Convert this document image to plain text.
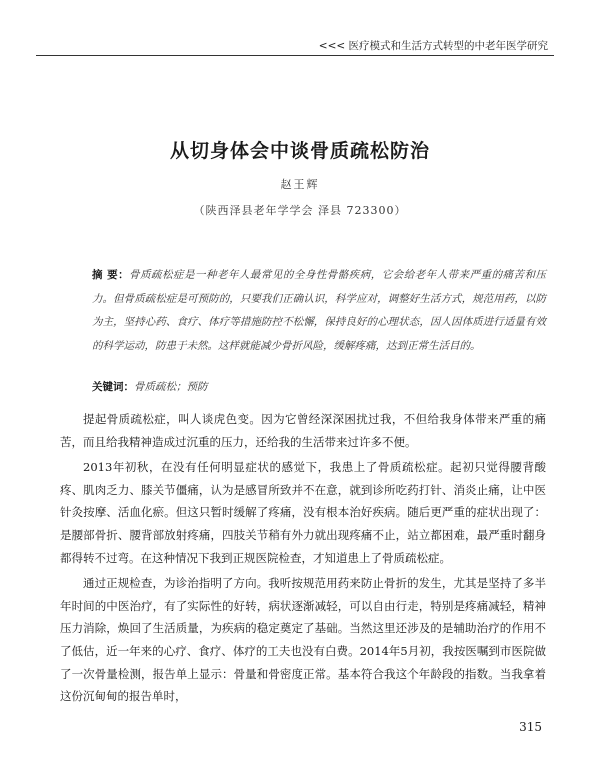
<<< 医疗模式和生活方式转型的中老年医学研究
从切身体会中谈骨质疏松防治
赵王辉
（陕西泽县老年学学会 泽县 723300）
摘 要：骨质疏松症是一种老年人最常见的全身性骨骼疾病，它会给老年人带来严重的痛苦和压力。但骨质疏松症是可预防的，只要我们正确认识，科学应对，调整好生活方式，规范用药，以防为主，坚持心药、食疗、体疗等措施防控不松懈，保持良好的心理状态，因人因体质进行适量有效的科学运动，防患于未然。这样就能减少骨折风险，缓解疼痛，达到正常生活目的。
关键词：骨质疏松；预防

提起骨质疏松症，叫人谈虎色变。因为它曾经深深困扰过我，不但给我身体带来严重的痛苦，而且给我精神造成过沉重的压力，还给我的生活带来过许多不便。

2013年初秋，在没有任何明显症状的感觉下，我患上了骨质疏松症。起初只觉得腰背酸疼、肌肉乏力、膝关节僵痛，认为是感冒所致并不在意，就到诊所吃药打针、消炎止痛，让中医针灸按摩、活血化瘀。但这只暂时缓解了疼痛，没有根本治好疾病。随后更严重的症状出现了：是腰部骨折、腰背部放射疼痛，四肢关节稍有外力就出现疼痛不止，站立都困难，最严重时翻身都得转不过弯。在这种情况下我到正规医院检查，才知道患上了骨质疏松症。

通过正规检查，为诊治指明了方向。我听按规范用药来防止骨折的发生，尤其是坚持了多半年时间的中医治疗，有了实际性的好转，病状逐渐减轻，可以自由行走，特别是疼痛减轻，精神压力消除，焕回了生活质量，为疾病的稳定奠定了基础。当然这里还涉及的是辅助治疗的作用不了低估，近一年来的心疗、食疗、体疗的工夫也没有白费。2014年5月初，我按医嘱到市医院做了一次骨量检测，报告单上显示：骨量和骨密度正常。基本符合我这个年龄段的指数。当我拿着这份沉甸甸的报告单时，

315
